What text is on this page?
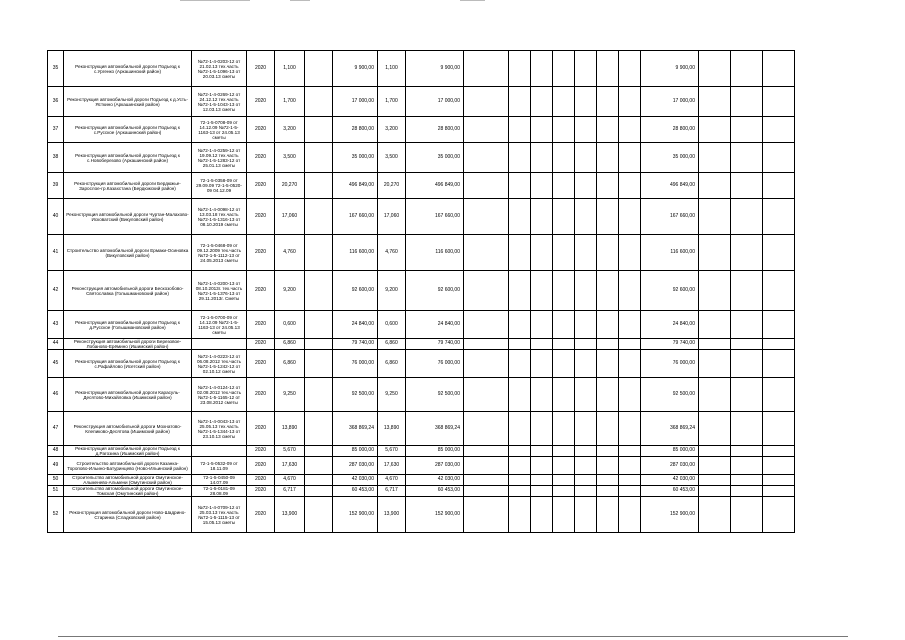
35	Реконструкция автомобильной дороги Подъезд к с.Ургенко (Аркашинский район)	№72-1-4-0203-12 от 21.02.13 тех.часть №72-1-5-1096-13 от 20.03.13 сметы	2020	1,100		9 900,00	1,100	9 900,00								9 900,00			
36	Реконструкция автомобильной дороги Подъезд к д.Усть-Ясткино (Аркашинский район)	№72-1-4-0269-12 от 24.12.12 тех.часть №72-1-5-1043-13 от 12.03.13 сметы	2020	1,700		17 000,00	1,700	17 000,00								17 000,00			
37	Реконструкция автомобильной дороги Подъезд к с.Русское (Аркашинский район)	72-1-5-0708-09 от 14.12.09 №72-1-5-1163-13 от 24.05.13 сметы	2020	3,200		28 800,00	3,200	28 800,00								28 800,00			
38	Реконструкция автомобильной дороги Подъезд к с.Новоберезово (Аркашинский район)	№72-1-4-0259-12 от 19.09.12 тех.часть №72-1-5-1283-12 от 25.01.13 сметы	2020	3,500		35 000,00	3,500	35 000,00								35 000,00			
39	Реконструкция автомобильной дороги Бердюжье-Зарослое-гр.Казахстана (Бердюжский район)	72-1-5-0358-09 от 29.09.09 72-1-5-0520-09 04.12.09	2020	20,270		496 849,00	20,270	496 849,00								496 849,00			
40	Реконструкция автомобильной дороги Чуртан-Малахово-Исковатский (Викуловский район)	№72-1-4-0098-12 от 13.03.18 тех.часть №72-1-5-1316-13 от 08.10.2019 сметы	2020	17,060		167 660,00	17,060	167 660,00								167 660,00			
41	Строительство автомобильной дороги Ермаки-Осиновка (Викуловский район)	72-1-5-0468-09 от 09.12.2009 тех.часть №72-1-5-1112-13 от 24.05.2013 сметы	2020	4,760		116 600,00	4,760	116 600,00								116 600,00			
42	Реконструкция автомобильной дороги Бескозобово-Святославка (Голышмановский район)	№72-1-4-0200-13 от 08.10.2013г. тех.часть №72-1-5-1376-13 от 29.11.2013г. Сметы	2020	9,200		92 600,00	9,200	92 600,00								92 600,00			
43	Реконструкция автомобильной дороги Подъезд к д.Русское (Голышмановский район)	72-1-5-0700-09 от 14.12.09 №72-1-5-1163-13 от 24.05.13 сметы	2020	0,600		24 840,00	0,600	24 840,00								24 840,00			
44	Реконструкция автомобильной дороги Березовое-Лобаново-Ерёмино (Ишимский район)		2020	6,860		79 740,00	6,860	79 740,00								79 740,00			
45	Реконструкция автомобильной дороги Подъезд к с.Рафайлово (Исетский район)	№72-1-4-0223-12 от 06.08.2012 тех.часть №72-1-5-1242-12 от 02.10.12 сметы	2020	6,860		76 000,00	6,860	76 000,00								76 000,00			
46	Реконструкция автомобильной дороги Карасуль-Десятово-Михайловка (Ишимский район)	№72-1-4-0124-12 от 02.08.2012 тех.часть №72-1-5-1165-12 от 23.08.2012 сметы	2020	9,250		92 500,00	9,250	92 500,00								92 500,00			
47	Реконструкция автомобильной дороги Мохнатово-Клепиково-Десятова (Ишимский район)	№72-1-4-0043-13 от 25.05.13 тех.часть №72-1-5-1344-13 от 23.10.13 сметы	2020	13,890		368 869,24	13,890	368 869,24								368 869,24			
48	Реконструкция автомобильной дороги Подъезд к д.Рагозина (Ишимский район)		2020	5,670		85 000,00	5,670	85 000,00								85 000,00			
49	Строительство автомобильной дороги Казанка-Торопово-Ильино-Батуринцево (Ново-Ильинский район)	72-1-5-0532-09 от 18.11.09	2020	17,630		287 030,00	17,630	287 030,00								287 030,00			
50	Строительство автомобильной дороги Омутинское-Альменево-Альмени (Омутинский район)	72-1-5-0450-09 14.07.09	2020	4,670		42 030,00	4,670	42 030,00								42 030,00			
51	Строительство автомобильной дороги Омутинское-Томская (Омутинский район)	72-1-5-0181-09 28.08.09	2020	6,717		60 453,00	6,717	60 453,00								60 453,00			
52	Реконструкция автомобильной дороги Ново-Шадрино-Старинка (Сладковский район)	№72-1-4-0709-12 от 25.03.13 тех.часть №72-1-5-1115-13 от 15.05.13 сметы	2020	13,900		152 900,00	13,900	152 900,00								152 900,00			
